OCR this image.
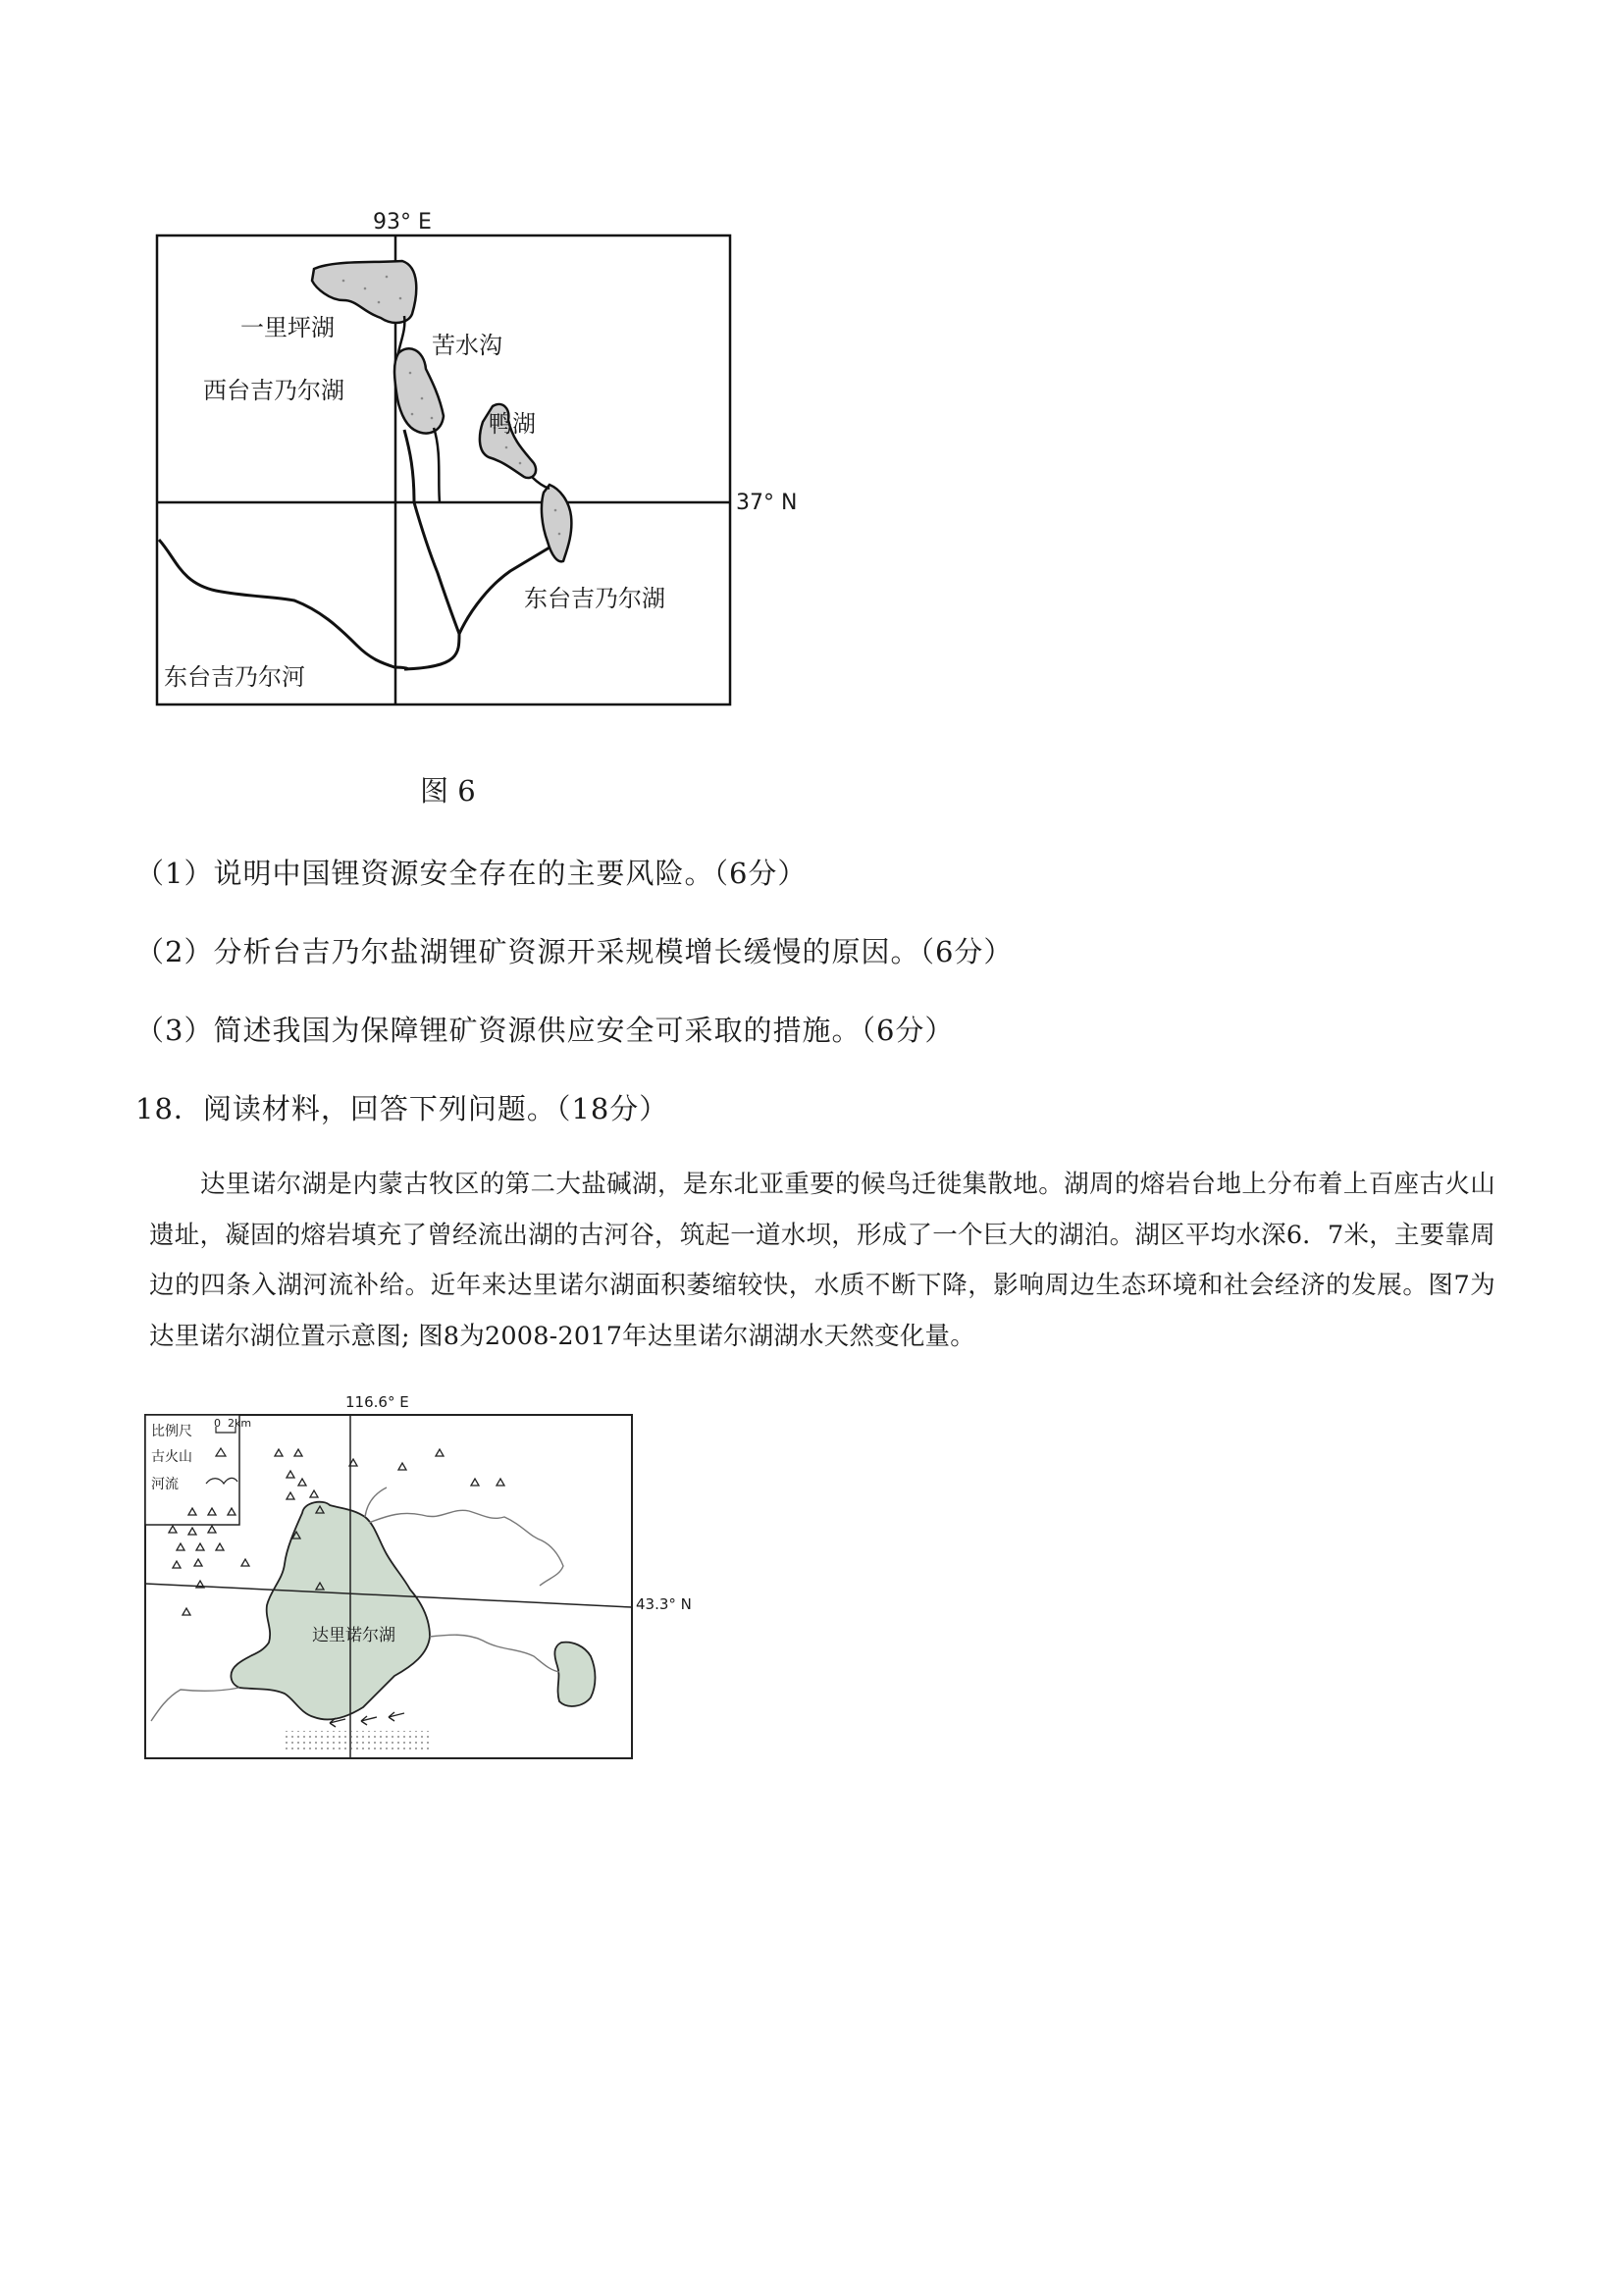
93° E
一里坪湖
苦水沟
西台吉乃尔湖
鸭湖
37° N
东台吉乃尔湖
东台吉乃尔河
图 6
（1）说明中国锂资源安全存在的主要风险。（6分）
（2）分析台吉乃尔盐湖锂矿资源开采规模增长缓慢的原因。（6分）
（3）简述我国为保障锂矿资源供应安全可采取的措施。（6分）
18．阅读材料，回答下列问题。（18分）
达里诺尔湖是内蒙古牧区的第二大盐碱湖，是东北亚重要的候鸟迁徙集散地。湖周的熔岩台地上分布着上百座古火山遗址，凝固的熔岩填充了曾经流出湖的古河谷，筑起一道水坝，形成了一个巨大的湖泊。湖区平均水深6．7米，主要靠周边的四条入湖河流补给。近年来达里诺尔湖面积萎缩较快，水质不断下降，影响周边生态环境和社会经济的发展。图7为达里诺尔湖位置示意图; 图8为2008-2017年达里诺尔湖湖水天然变化量。
116.6° E
比例尺
0  2km
古火山
河流
达里诺尔湖
43.3° N
